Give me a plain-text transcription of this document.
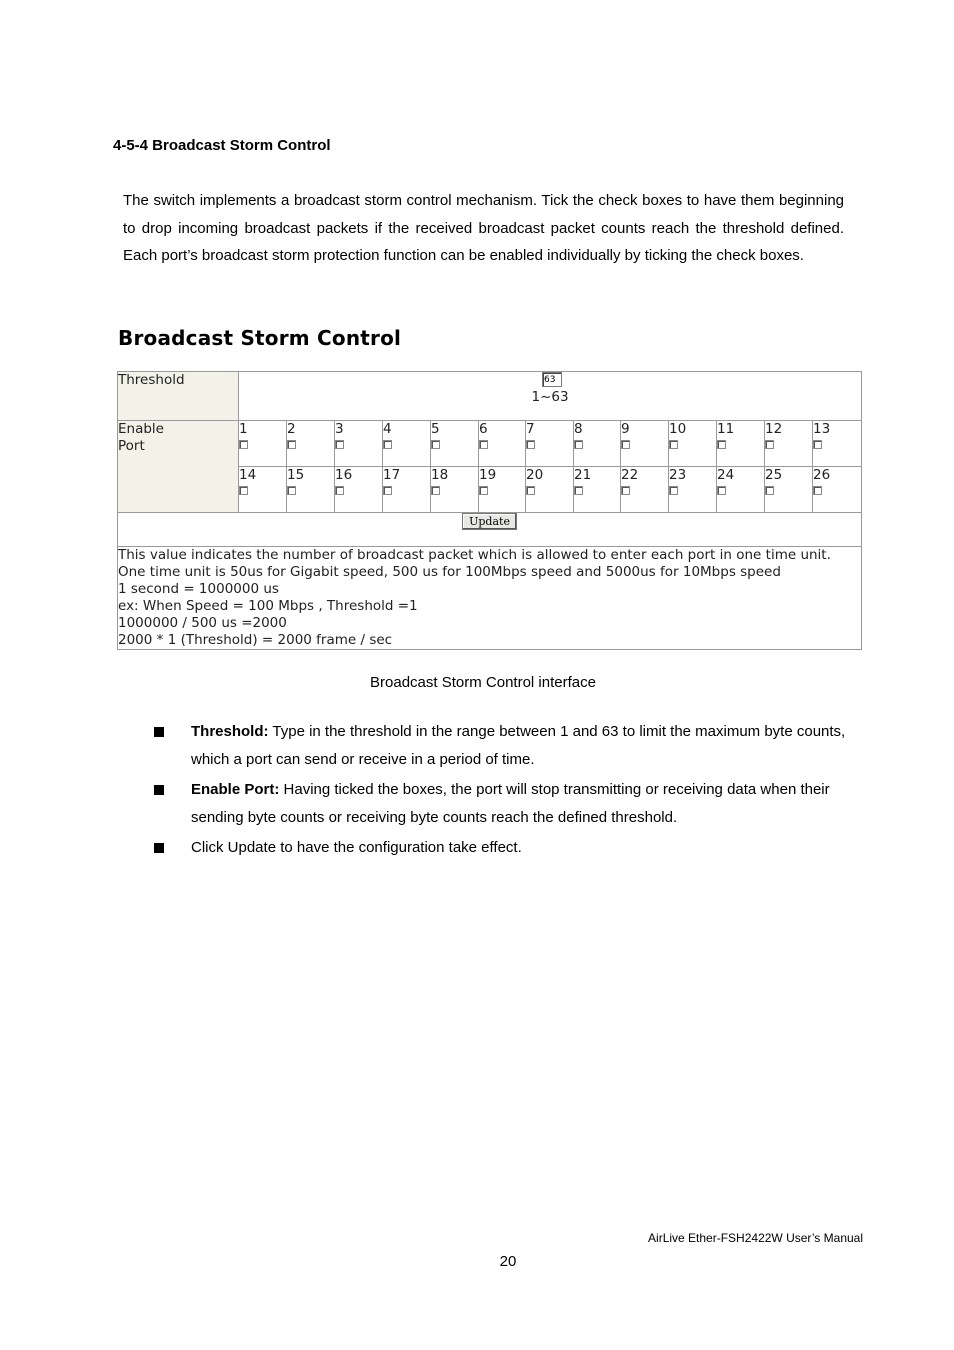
4-5-4 Broadcast Storm Control

The switch implements a broadcast storm control mechanism. Tick the check boxes to have them beginning to drop incoming broadcast packets if the received broadcast packet counts reach the threshold defined. Each port’s broadcast storm protection function can be enabled individually by ticking the check boxes.

Broadcast Storm Control
Threshold	
63
1~63

Enable
Port	1	2	3	4	5	6	7	8	9	10	11	12	13

	14	15	16	17	18	19	20	21	22	23	24	25	26

Update													

This value indicates the number of broadcast packet which is allowed to enter each port in one time unit. One time unit is 50us for Gigabit speed, 500 us for 100Mbps speed and 5000us for 10Mbps speed
1 second = 1000000 us
ex: When Speed = 100 Mbps , Threshold =1
1000000 / 500 us =2000
2000 * 1 (Threshold) = 2000 frame / sec													

Broadcast Storm Control interface

Threshold: Type in the threshold in the range between 1 and 63 to limit the maximum byte counts, which a port can send or receive in a period of time.
Enable Port: Having ticked the boxes, the port will stop transmitting or receiving data when their sending byte counts or receiving byte counts reach the defined threshold.
Click Update to have the configuration take effect.

AirLive Ether-FSH2422W User’s Manual

20
